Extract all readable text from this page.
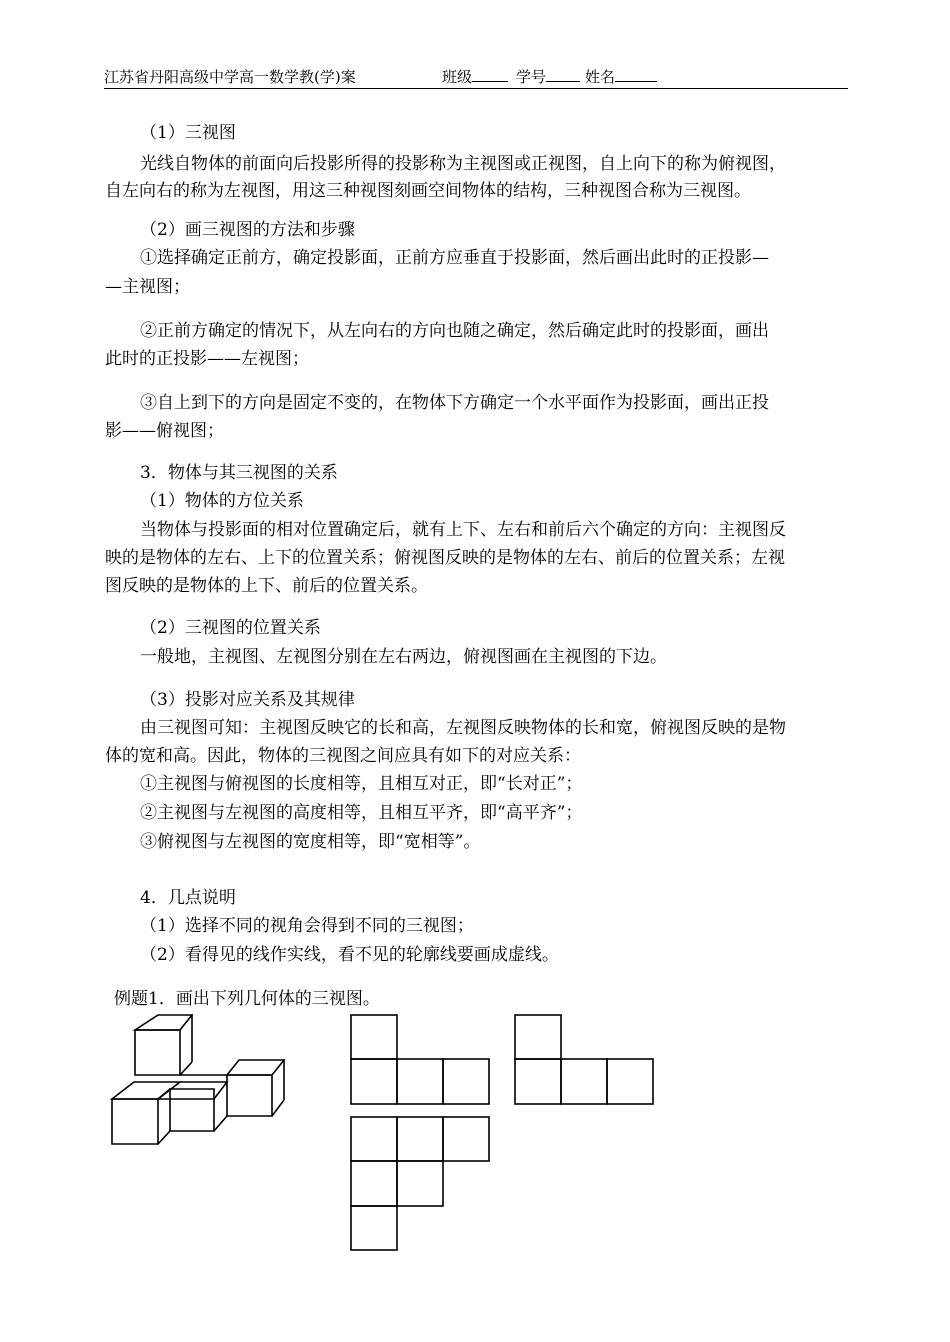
江苏省丹阳高级中学高一数学教(学)案	班级	学号	姓名
（1）三视图
光线自物体的前面向后投影所得的投影称为主视图或正视图，自上向下的称为俯视图，
自左向右的称为左视图，用这三种视图刻画空间物体的结构，三种视图合称为三视图。
（2）画三视图的方法和步骤
①选择确定正前方，确定投影面，正前方应垂直于投影面，然后画出此时的正投影—
—主视图；
②正前方确定的情况下，从左向右的方向也随之确定，然后确定此时的投影面，画出
此时的正投影——左视图；
③自上到下的方向是固定不变的，在物体下方确定一个水平面作为投影面，画出正投
影——俯视图；
3．物体与其三视图的关系
（1）物体的方位关系
当物体与投影面的相对位置确定后，就有上下、左右和前后六个确定的方向：主视图反
映的是物体的左右、上下的位置关系；俯视图反映的是物体的左右、前后的位置关系；左视
图反映的是物体的上下、前后的位置关系。
（2）三视图的位置关系
一般地，主视图、左视图分别在左右两边，俯视图画在主视图的下边。
（3）投影对应关系及其规律
由三视图可知：主视图反映它的长和高，左视图反映物体的长和宽，俯视图反映的是物
体的宽和高。因此，物体的三视图之间应具有如下的对应关系：
①主视图与俯视图的长度相等，且相互对正，即“长对正”；
②主视图与左视图的高度相等，且相互平齐，即“高平齐”；
③俯视图与左视图的宽度相等，即“宽相等”。
4．几点说明
（1）选择不同的视角会得到不同的三视图；
（2）看得见的线作实线，看不见的轮廓线要画成虚线。
例题1．画出下列几何体的三视图。
